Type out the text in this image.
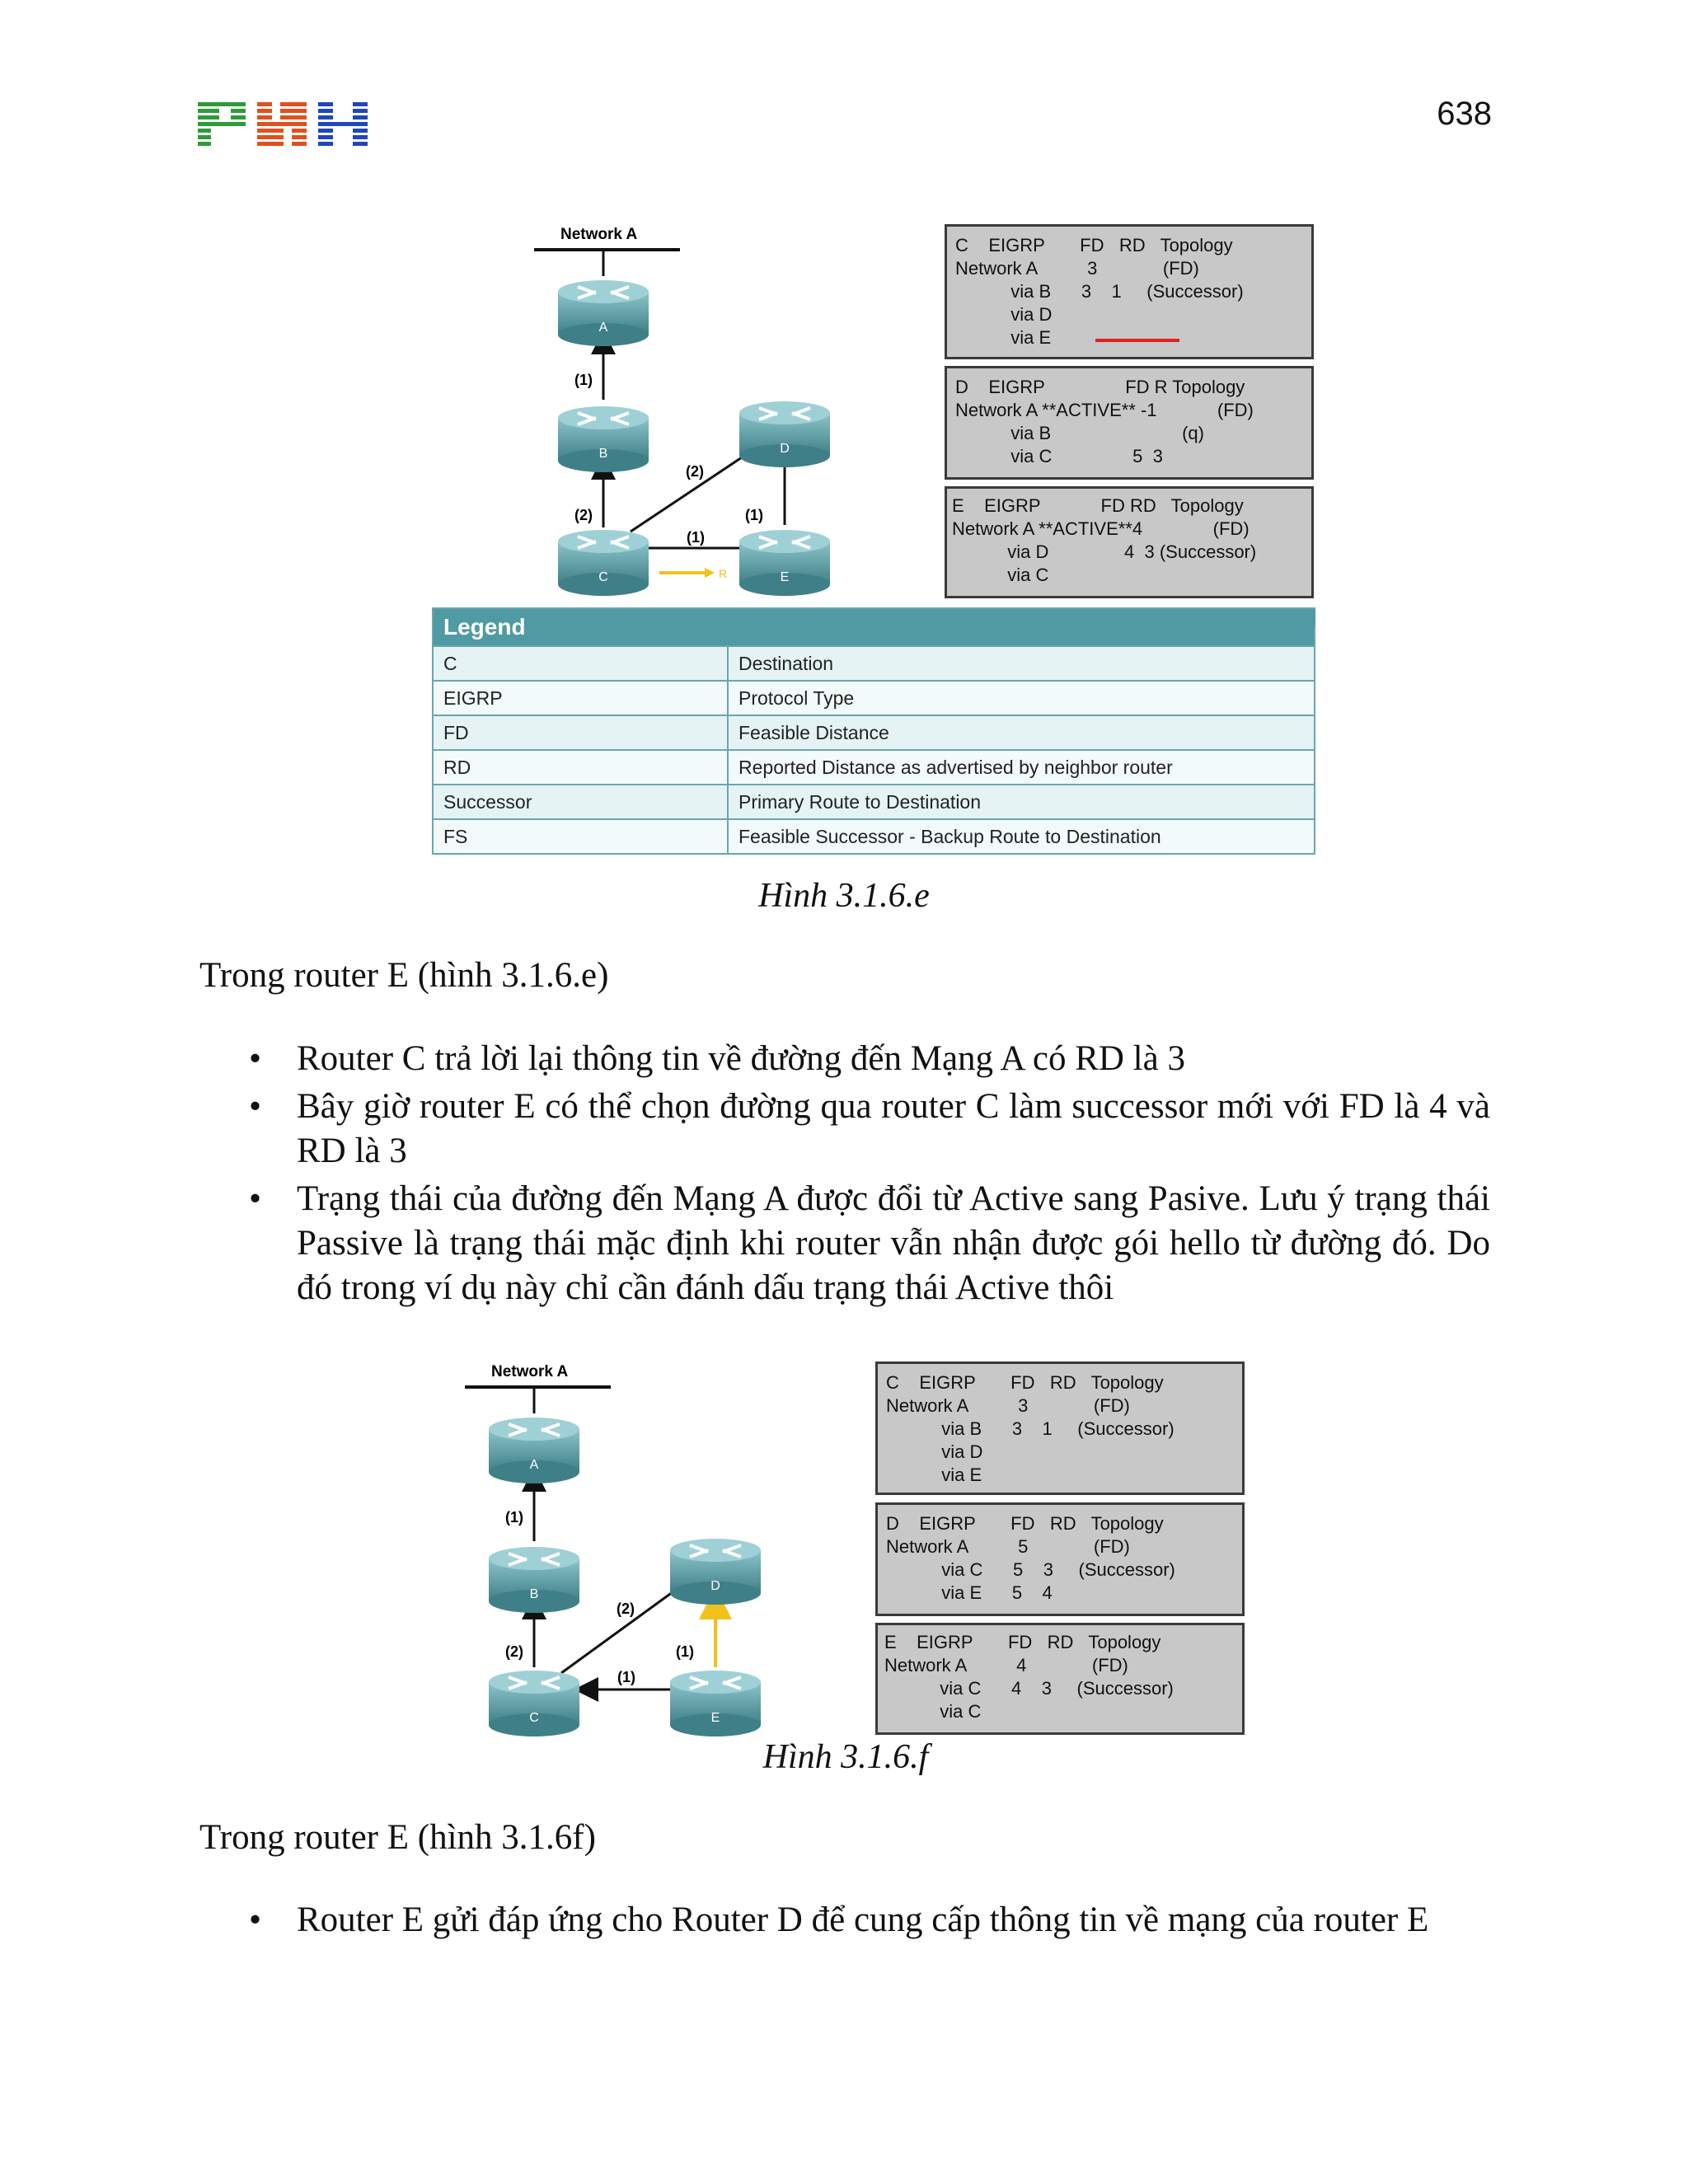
638
Network A
R
(1)
(2)
(2)
(1)
(1)
A
B
C
D
E
C    EIGRP       FD   RD   Topology
Network A          3             (FD)
via B      3    1     (Successor)
via D
via E
D    EIGRP                FD R Topology
Network A **ACTIVE** -1            (FD)
via B                          (q)
via C                5  3
E    EIGRP            FD RD   Topology
Network A **ACTIVE**4              (FD)
via D               4  3 (Successor)
via C
Legend
C	Destination
EIGRP	Protocol Type
FD	Feasible Distance
RD	Reported Distance as advertised by neighbor router
Successor	Primary Route to Destination
FS	Feasible Successor - Backup Route to Destination
Hình 3.1.6.e
Trong router E (hình 3.1.6.e)
• Router C trả lời lại thông tin về đường đến Mạng A có RD là 3
• Bây giờ router E có thể chọn đường qua router C làm successor mới với FD là 4 và RD là 3
• Trạng thái của đường đến Mạng A được đổi từ Active sang Pasive. Lưu ý trạng thái Passive là trạng thái mặc định khi router vẫn nhận được gói hello từ đường đó. Do đó trong ví dụ này chỉ cần đánh dấu trạng thái Active thôi
Network A
(1)
(2)
(2)
(1)
(1)
A
B
C
D
E
C    EIGRP       FD   RD   Topology
Network A          3             (FD)
via B      3    1     (Successor)
via D
via E
D    EIGRP       FD   RD   Topology
Network A          5             (FD)
via C      5    3     (Successor)
via E      5    4
E    EIGRP       FD   RD   Topology
Network A          4             (FD)
via C      4    3     (Successor)
via C
Hình 3.1.6.f
Trong router E (hình 3.1.6f)
• Router E gửi đáp ứng cho Router D để cung cấp thông tin về mạng của router E
